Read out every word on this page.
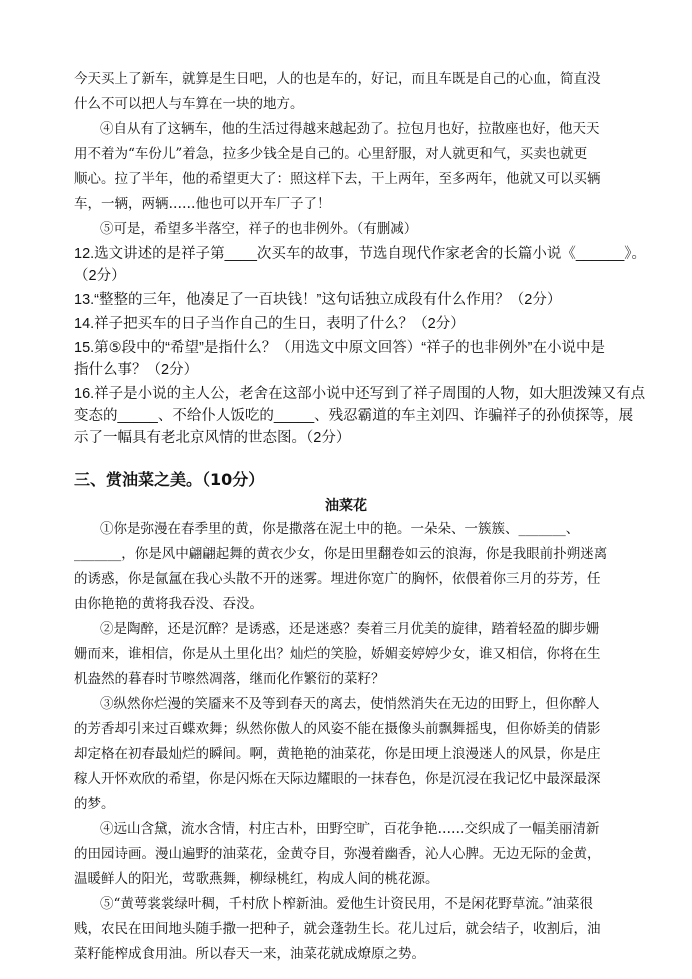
今天买上了新车，就算是生日吧，人的也是车的，好记，而且车既是自己的心血，简直没

什么不可以把人与车算在一块的地方。

④自从有了这辆车，他的生活过得越来越起劲了。拉包月也好，拉散座也好，他天天

用不着为“车份儿”着急，拉多少钱全是自己的。心里舒服，对人就更和气，买卖也就更

顺心。拉了半年，他的希望更大了：照这样下去，干上两年，至多两年，他就又可以买辆

车，一辆，两辆……他也可以开车厂子了！

⑤可是，希望多半落空，祥子的也非例外。（有删减）

12.选文讲述的是祥子第____次买车的故事，节选自现代作家老舍的长篇小说《______》。

（2分）

13.“整整的三年，他凑足了一百块钱！”这句话独立成段有什么作用？（2分）

14.祥子把买车的日子当作自己的生日，表明了什么？（2分）

15.第⑤段中的“希望”是指什么？（用选文中原文回答）“祥子的也非例外”在小说中是

指什么事？（2分）

16.祥子是小说的主人公，老舍在这部小说中还写到了祥子周围的人物，如大胆泼辣又有点

变态的_____、不给仆人饭吃的_____、残忍霸道的车主刘四、诈骗祥子的孙侦探等，展

示了一幅具有老北京风情的世态图。（2分）

三、赏油菜之美。（10分）

油菜花

①你是弥漫在春季里的黄，你是撒落在泥土中的艳。一朵朵、一簇簇、_______、

_______，你是风中翩翩起舞的黄衣少女，你是田里翻卷如云的浪海，你是我眼前扑朔迷离

的诱惑，你是氤氲在我心头散不开的迷雾。埋进你宽广的胸怀，依偎着你三月的芬芳，任

由你艳艳的黄将我吞没、吞没。

②是陶醉，还是沉醉？是诱惑，还是迷惑？奏着三月优美的旋律，踏着轻盈的脚步姗

姗而来，谁相信，你是从土里化出？灿烂的笑脸，娇媚妾婷婷少女，谁又相信，你将在生

机盎然的暮春时节嚓然凋落，继而化作繁衍的菜籽？

③纵然你烂漫的笑靥来不及等到春天的离去，使悄然消失在无边的田野上，但你醉人

的芳香却引来过百蝶欢舞；纵然你傲人的风姿不能在摄像头前飘舞摇曳，但你娇美的倩影

却定格在初春最灿烂的瞬间。啊，黄艳艳的油菜花，你是田埂上浪漫迷人的风景，你是庄

稼人开怀欢欣的希望，你是闪烁在天际边耀眼的一抹春色，你是沉浸在我记忆中最深最深

的梦。

④远山含黛，流水含情，村庄古朴，田野空旷，百花争艳……交织成了一幅美丽清新

的田园诗画。漫山遍野的油菜花，金黄夺目，弥漫着幽香，沁人心脾。无边无际的金黄，

温暖鲜人的阳光，莺歌燕舞，柳绿桃红，构成人间的桃花源。

⑤“黄萼裳裳绿叶稠，千村欣卜榨新油。爱他生计资民用，不是闲花野草流。”油菜很

贱，农民在田间地头随手撒一把种子，就会蓬勃生长。花儿过后，就会结子，收割后，油

菜籽能榨成食用油。所以春天一来，油菜花就成燎原之势。
